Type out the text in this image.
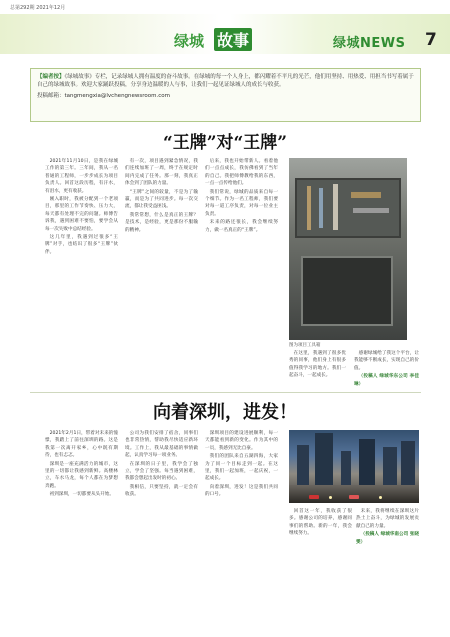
总第292期 2021年12月
绿城 故事	绿城NEWS 7
【编者按】《绿城故事》专栏，记录绿城人拥有温度的奋斗故事。在绿城的每一个人身上，都闪耀着不平凡的光芒，他们用坚持、用热爱、用担当书写着属于自己的绿城故事。欢迎大家踊跃投稿，分享身边温暖的人与事，让我们一起见证绿城人的成长与收获。
投稿邮箱：tangmengxia@lvchengnewsroom.com
“王牌”对“王牌”

2021年11月10日，是我在绿城工作的第三年。三年间，我从一名普通的工程师，一步步成长为项目负责人。回首这段历程，有汗水，有泪水，更有收获。

刚入职时，我被分配到一个老项目，那里的工作节奏快、压力大，每天都有处理不完的问题。师傅告诉我，遇到困难不要怕，要学会从每一次失败中总结经验。

这几年里，我遇到过很多“王牌”对手，也结识了很多“王牌”伙伴。

有一次，项目遇到紧急情况，我们连续加班了一周，终于在规定时间内完成了任务。那一刻，我真正体会到了团队的力量。

“王牌”之间的较量，不是为了输赢，而是为了共同进步。每一次交流，都让我受益匪浅。

我常常想，什么是真正的王牌？是技术，是经验，更是那份不服输的精神。

后来，我也开始带新人。看着他们一点点成长，我仿佛看到了当年的自己。我把师傅教给我的东西，一点一点传给他们。

我们常说，绿城的品质来自每一个细节。作为一名工程师，我们要对每一道工序负责，对每一位业主负责。

未来的路还很长，我会继续努力，做一名真正的“王牌”。

图为项目工具箱

在这里，我遇到了很多优秀的同事，他们身上有很多值得我学习的地方。我们一起奋斗，一起成长。

感谢绿城给了我这个平台，让我能够不断成长，实现自己的价值。

（投稿人 绿城华东公司 李佳琳）

向着深圳，进发！

2021年2月1日，带着对未来的憧憬，我踏上了前往深圳的路。这是我第一次离开家乡，心中既有期待，也有忐忑。

深圳是一座充满活力的城市，这里的一切都让我感到新鲜。高楼林立，车水马龙，每个人都在为梦想奔跑。

初到深圳，一切都要从头开始。

公司为我们安排了宿舍，同事们也非常热情，帮助我尽快适应新环境。工作上，我从最基础的事情做起，认真学习每一项业务。

在深圳的日子里，我学会了独立，学会了坚强。每当遇到困难，我都会想起出发时的初心。

我相信，只要坚持，就一定会有收获。

深圳项目的建设进展顺利，每一天都能看到新的变化。作为其中的一员，我感到无比自豪。

我们的团队来自五湖四海，大家为了同一个目标走到一起。在这里，我们一起加班，一起庆祝，一起成长。

向着深圳，进发！这是我们共同的口号。

回首这一年，我收获了很多。感谢公司的培养，感谢同事们的帮助。新的一年，我会继续努力。

未来，我将继续在深圳这片热土上奋斗，为绿城的发展贡献自己的力量。

（投稿人 绿城华南公司 张晓雯）
